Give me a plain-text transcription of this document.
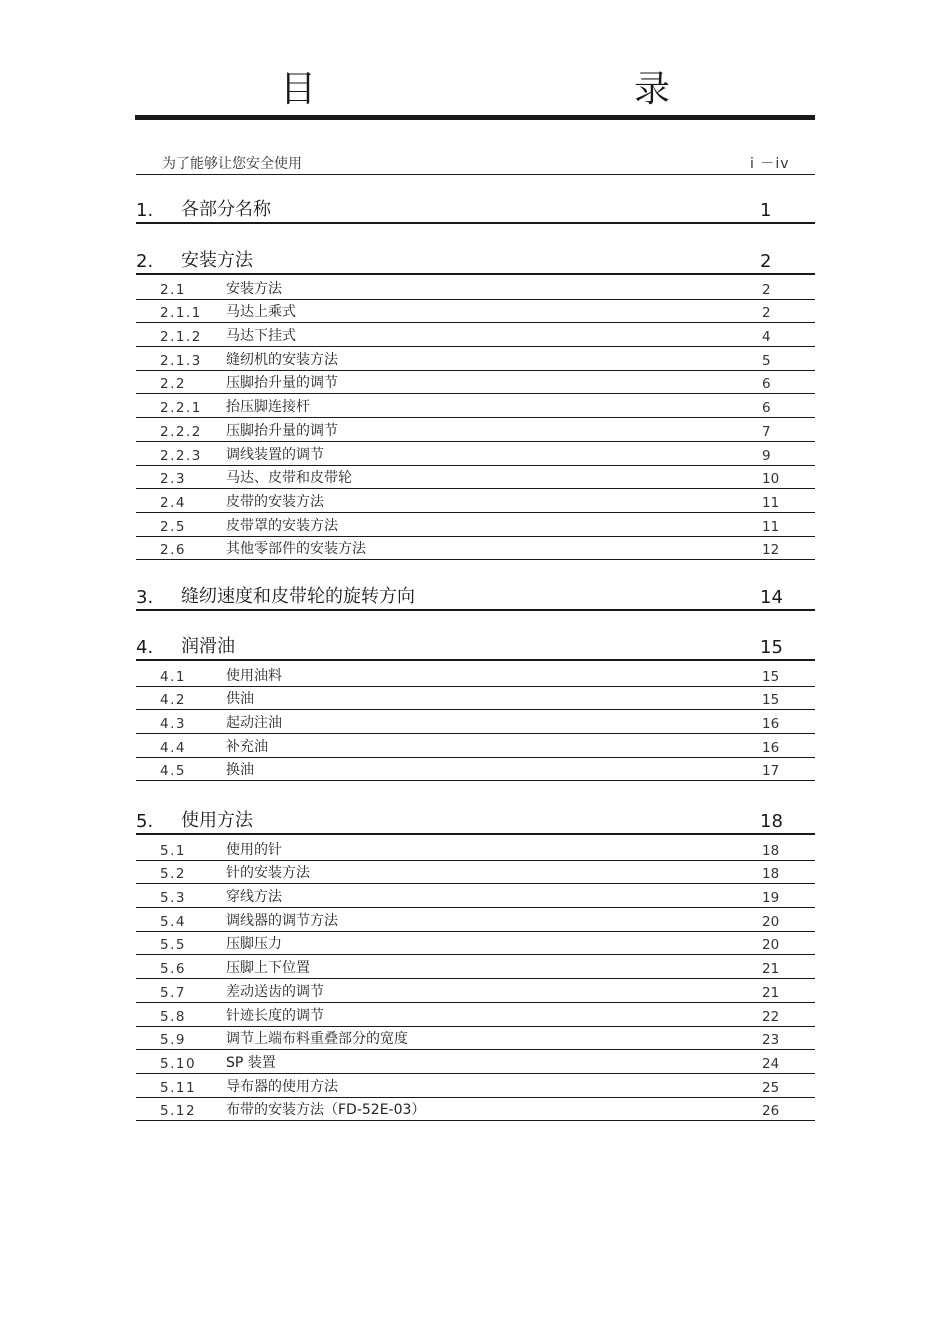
目　　录
为了能够让您安全使用	i －iv
1. 各部分名称	1
2. 安装方法	2
2.1	安装方法	2
2.1.1 马达上乘式	2
2.1.2 马达下挂式	4
2.1.3 缝纫机的安装方法	5
2.2	压脚抬升量的调节	6
2.2.1 抬压脚连接杆	6
2.2.2 压脚抬升量的调节	7
2.2.3 调线装置的调节	9
2.3	马达、皮带和皮带轮	10
2.4	皮带的安装方法	11
2.5	皮带罩的安装方法	11
2.6	其他零部件的安装方法	12
3. 缝纫速度和皮带轮的旋转方向	14
4. 润滑油	15
4.1	使用油料	15
4.2	供油	15
4.3	起动注油	16
4.4	补充油	16
4.5	换油	17
5. 使用方法	18
5.1	使用的针	18
5.2	针的安装方法	18
5.3	穿线方法	19
5.4	调线器的调节方法	20
5.5	压脚压力	20
5.6	压脚上下位置	21
5.7	差动送齿的调节	21
5.8	针迹长度的调节	22
5.9	调节上端布料重叠部分的宽度	23
5.10 SP 装置	24
5.11 导布器的使用方法	25
5.12 布带的安装方法（FD-52E-03）	26
